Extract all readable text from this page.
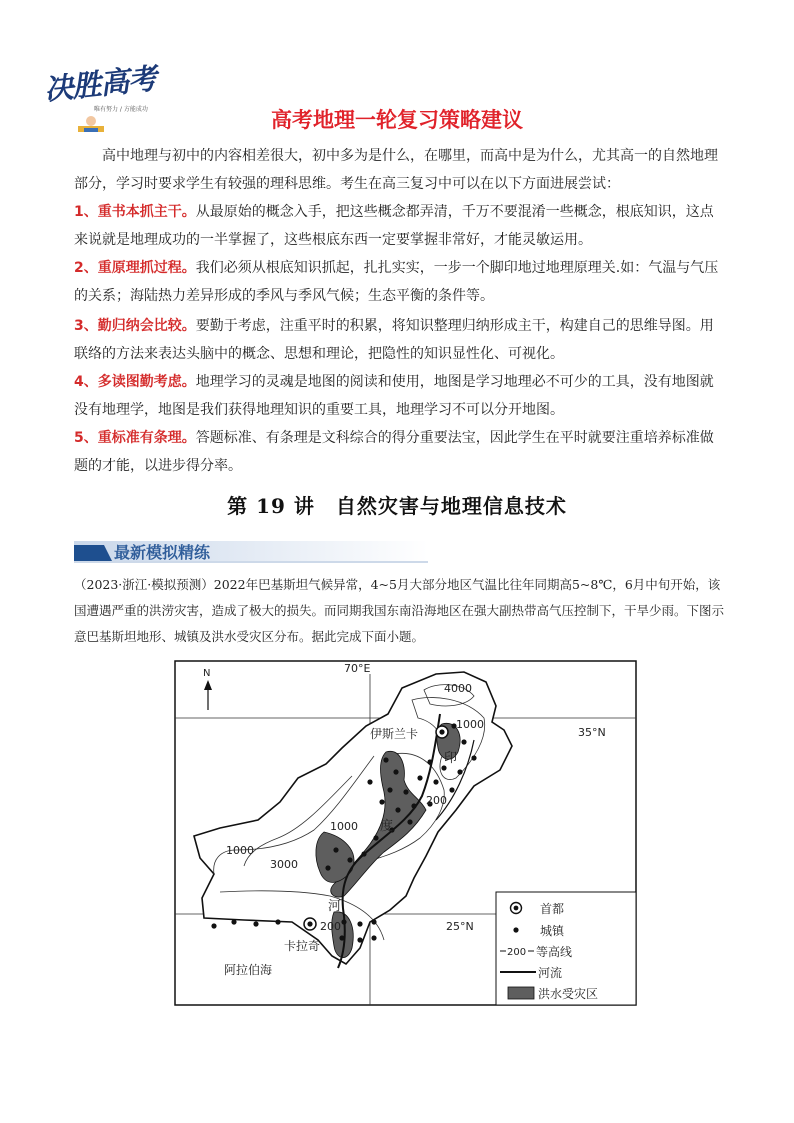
决胜高考
唯有努力 / 方能成功	高考地理一轮复习策略建议
高中地理与初中的内容相差很大，初中多为是什么，在哪里，而高中是为什么，尤其高一的自然地理部分，学习时要求学生有较强的理科思维。考生在高三复习中可以在以下方面进展尝试：
1、重书本抓主干。从最原始的概念入手，把这些概念都弄清，千万不要混淆一些概念，根底知识，这点来说就是地理成功的一半掌握了，这些根底东西一定要掌握非常好，才能灵敏运用。
2、重原理抓过程。我们必须从根底知识抓起，扎扎实实，一步一个脚印地过地理原理关.如：气温与气压的关系；海陆热力差异形成的季风与季风气候；生态平衡的条件等。
3、勤归纳会比较。要勤于考虑，注重平时的积累，将知识整理归纳形成主干，构建自己的思维导图。用联络的方法来表达头脑中的概念、思想和理论，把隐性的知识显性化、可视化。
4、多读图勤考虑。地理学习的灵魂是地图的阅读和使用，地图是学习地理必不可少的工具，没有地图就没有地理学，地图是我们获得地理知识的重要工具，地理学习不可以分开地图。
5、重标准有条理。答题标准、有条理是文科综合的得分重要法宝，因此学生在平时就要注重培养标准做题的才能，以进步得分率。
第 19 讲　自然灾害与地理信息技术
最新模拟精练
（2023·浙江·模拟预测）2022年巴基斯坦气候异常，4~5月大部分地区气温比往年同期高5~8℃，6月中旬开始，该国遭遇严重的洪涝灾害，造成了极大的损失。而同期我国东南沿海地区在强大副热带高气压控制下，干旱少雨。下图示意巴基斯坦地形、城镇及洪水受灾区分布。据此完成下面小题。
N	70°E
35°N
25°N
4000
1000
200
1000
1000
3000
200
伊斯兰卡
卡拉奇
印
度
河
阿拉伯海
首都
城镇
200 等高线
河流
洪水受灾区
